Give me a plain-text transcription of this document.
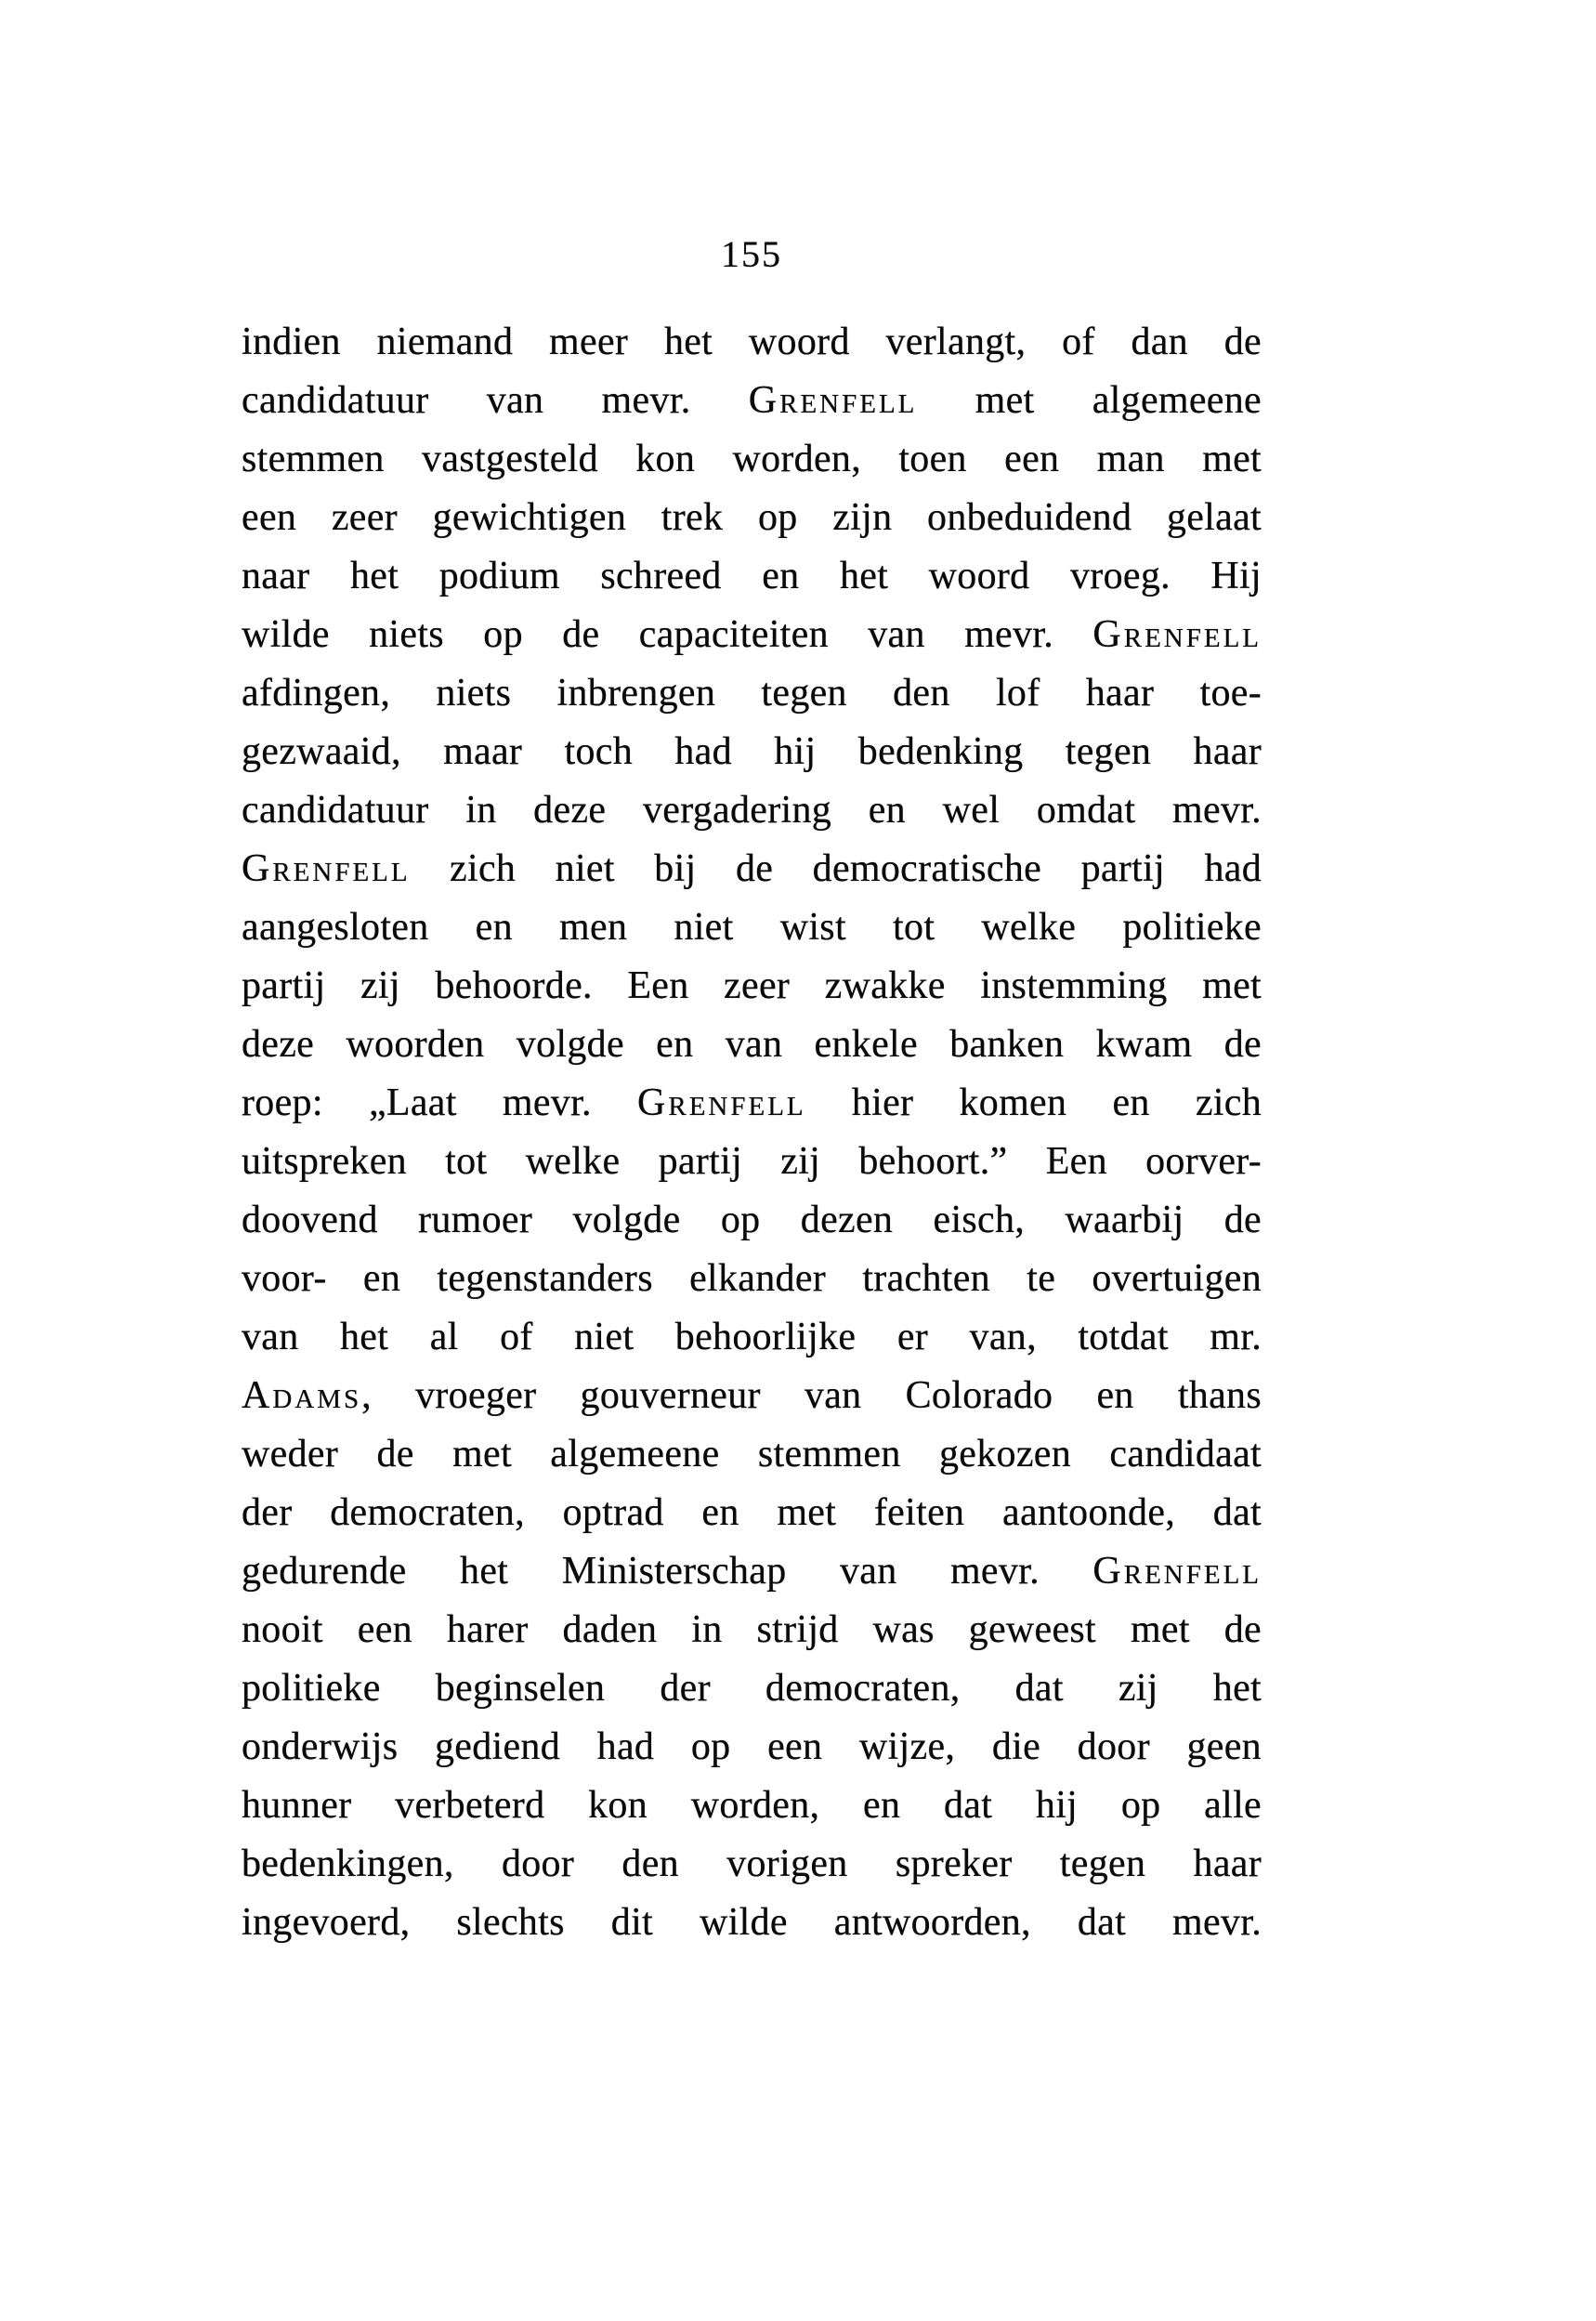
155
indien niemand meer het woord verlangt, of dan de
candidatuur van mevr. Grenfell met algemeene
stemmen vastgesteld kon worden, toen een man met
een zeer gewichtigen trek op zijn onbeduidend gelaat
naar het podium schreed en het woord vroeg. Hij
wilde niets op de capaciteiten van mevr. Grenfell
afdingen, niets inbrengen tegen den lof haar toe-
gezwaaid, maar toch had hij bedenking tegen haar
candidatuur in deze vergadering en wel omdat mevr.
Grenfell zich niet bij de democratische partij had
aangesloten en men niet wist tot welke politieke
partij zij behoorde. Een zeer zwakke instemming met
deze woorden volgde en van enkele banken kwam de
roep: „Laat mevr. Grenfell hier komen en zich
uitspreken tot welke partij zij behoort.” Een oorver-
doovend rumoer volgde op dezen eisch, waarbij de
voor- en tegenstanders elkander trachten te overtuigen
van het al of niet behoorlijke er van, totdat mr.
Adams, vroeger gouverneur van Colorado en thans
weder de met algemeene stemmen gekozen candidaat
der democraten, optrad en met feiten aantoonde, dat
gedurende het Ministerschap van mevr. Grenfell
nooit een harer daden in strijd was geweest met de
politieke beginselen der democraten, dat zij het
onderwijs gediend had op een wijze, die door geen
hunner verbeterd kon worden, en dat hij op alle
bedenkingen, door den vorigen spreker tegen haar
ingevoerd, slechts dit wilde antwoorden, dat mevr.
